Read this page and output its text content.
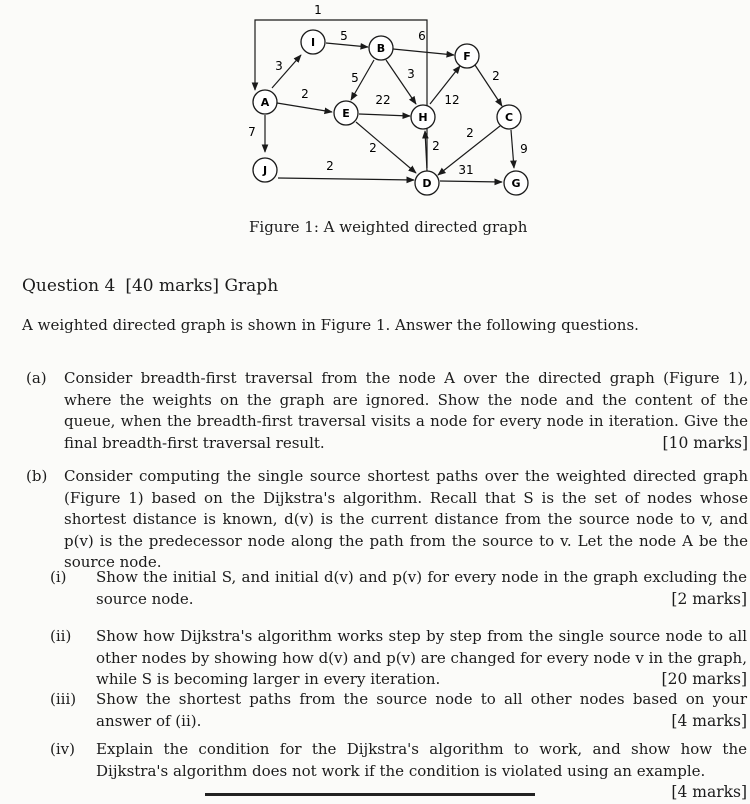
3
2
7
5	6
5	3
22
2
2
12
2
2
9
2	31
1
A
B
C
D
E
F
G
H
I
J
Figure 1: A weighted directed graph
Question 4 [40 marks] Graph
A weighted directed graph is shown in Figure 1. Answer the following questions.
(a) Consider breadth-first traversal from the node A over the directed graph (Figure 1), where the weights on the graph are ignored. Show the node and the content of the queue, when the breadth-first traversal visits a node for every node in iteration. Give the final breadth-first traversal result.	[10 marks]
(b) Consider computing the single source shortest paths over the weighted directed graph (Figure 1) based on the Dijkstra's algorithm. Recall that S is the set of nodes whose shortest distance is known, d(v) is the current distance from the source node to v, and p(v) is the predecessor node along the path from the source to v. Let the node A be the source node.
(i) Show the initial S, and initial d(v) and p(v) for every node in the graph excluding the source node.	[2 marks]
(ii) Show how Dijkstra's algorithm works step by step from the single source node to all other nodes by showing how d(v) and p(v) are changed for every node v in the graph, while S is becoming larger in every iteration.	[20 marks]
(iii) Show the shortest paths from the source node to all other nodes based on your answer of (ii).	[4 marks]
(iv) Explain the condition for the Dijkstra's algorithm to work, and show how the Dijkstra's algorithm does not work if the condition is violated using an example.
[4 marks]
